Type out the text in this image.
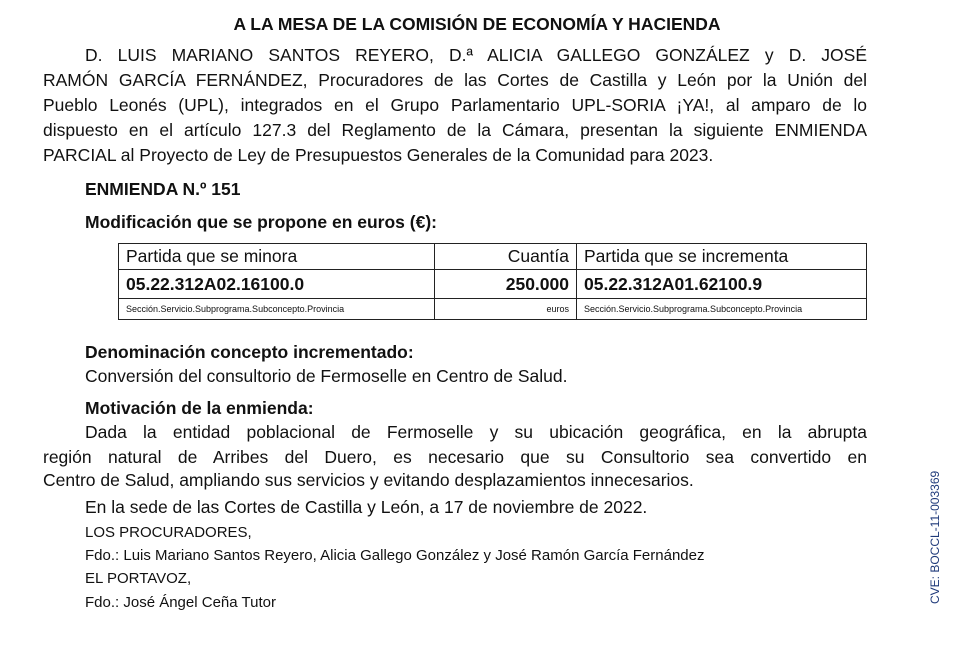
A LA MESA DE LA COMISIÓN DE ECONOMÍA Y HACIENDA
D. LUIS MARIANO SANTOS REYERO, D.ª ALICIA GALLEGO GONZÁLEZ y D. JOSÉ
RAMÓN GARCÍA FERNÁNDEZ, Procuradores de las Cortes de Castilla y León por la Unión del
Pueblo Leonés (UPL), integrados en el Grupo Parlamentario UPL-SORIA ¡YA!, al amparo de lo
dispuesto en el artículo 127.3 del Reglamento de la Cámara, presentan la siguiente ENMIENDA
PARCIAL al Proyecto de Ley de Presupuestos Generales de la Comunidad para 2023.
ENMIENDA N.º 151
Modificación que se propone en euros (€):
Partida que se minora	Cuantía	Partida que se incrementa
05.22.312A02.16100.0	250.000	05.22.312A01.62100.9
Sección.Servicio.Subprograma.Subconcepto.Provincia	euros	Sección.Servicio.Subprograma.Subconcepto.Provincia
Denominación concepto incrementado:
Conversión del consultorio de Fermoselle en Centro de Salud.
Motivación de la enmienda:
Dada la entidad poblacional de Fermoselle y su ubicación geográfica, en la abrupta
región natural de Arribes del Duero, es necesario que su Consultorio sea convertido en
Centro de Salud, ampliando sus servicios y evitando desplazamientos innecesarios.
En la sede de las Cortes de Castilla y León, a 17 de noviembre de 2022.
LOS PROCURADORES,
Fdo.: Luis Mariano Santos Reyero, Alicia Gallego González y José Ramón García Fernández
EL PORTAVOZ,
Fdo.: José Ángel Ceña Tutor	CVE: BOCCL-11-003369
